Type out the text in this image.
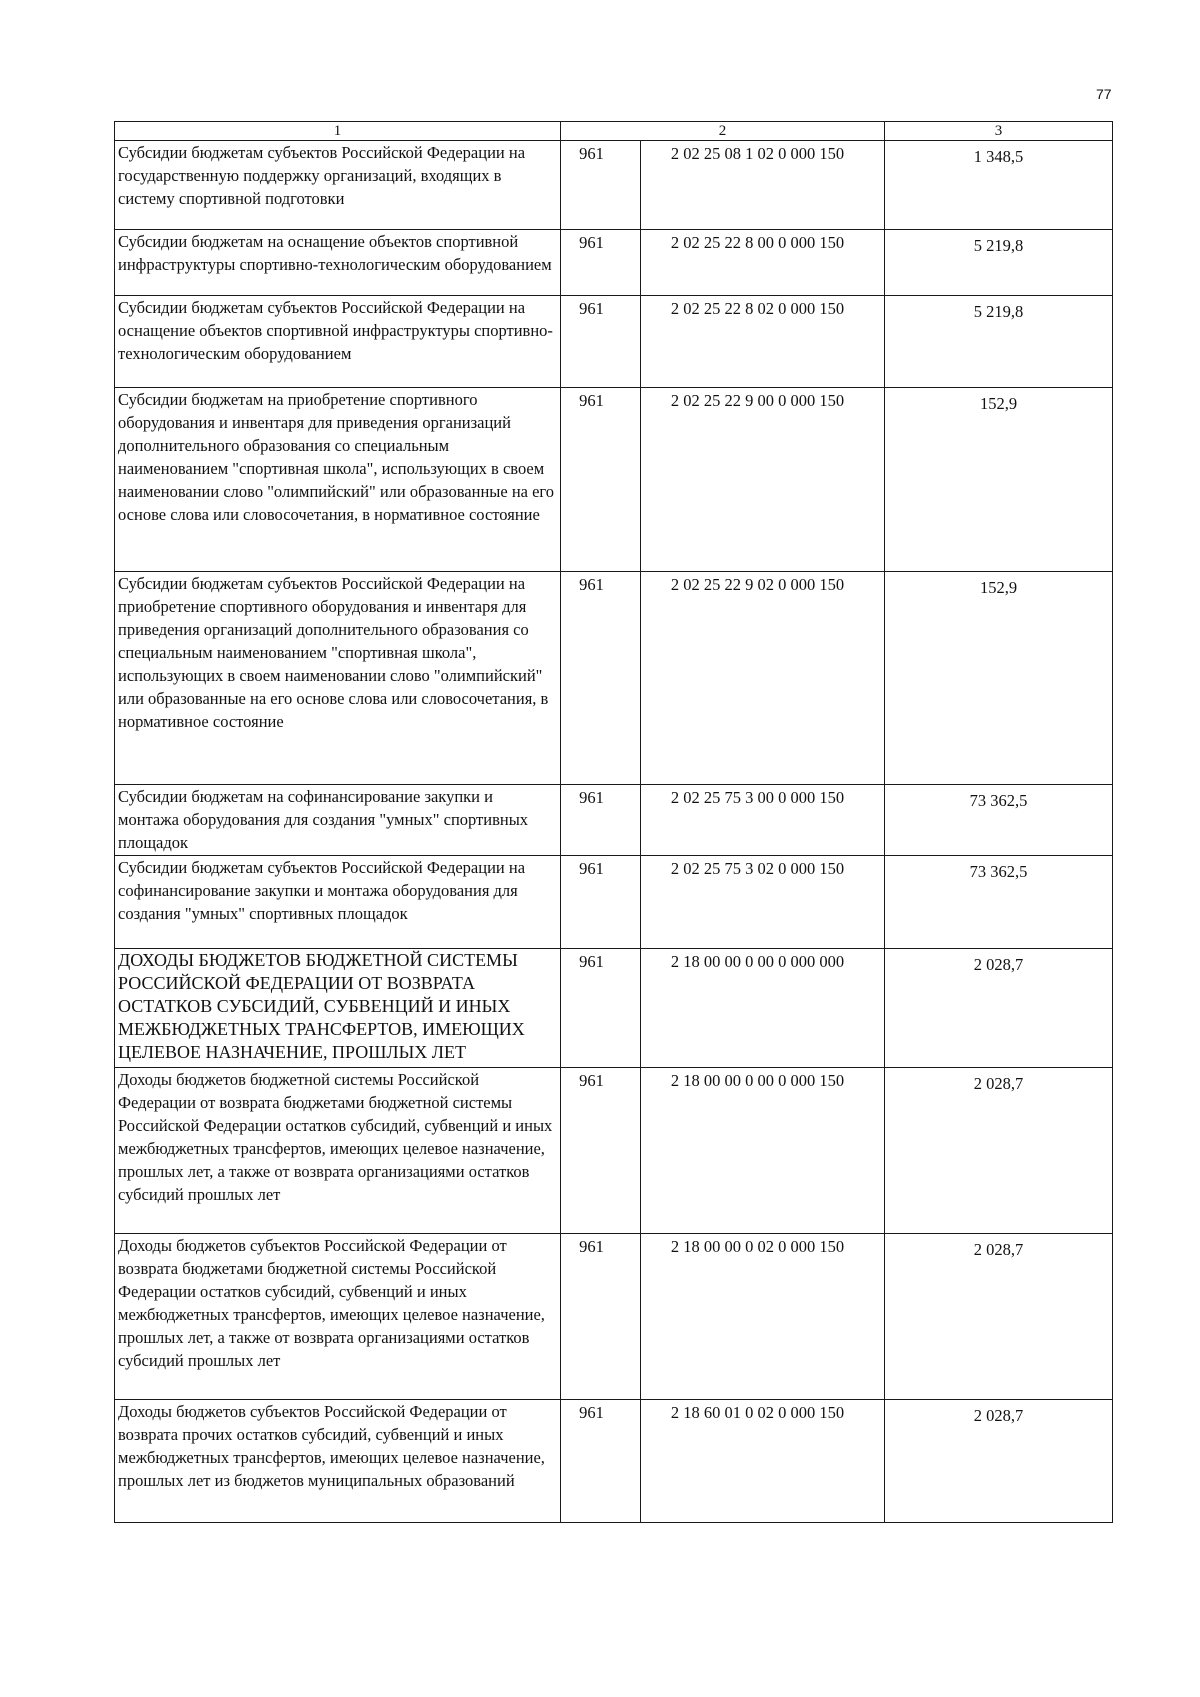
77
1	2		3
Субсидии бюджетам субъектов Российской Федерации на государственную поддержку организаций, входящих в систему спортивной подготовки	961	2 02 25 08 1 02 0 000 150	1 348,5
Субсидии бюджетам на оснащение объектов спортивной инфраструктуры спортивно-технологическим оборудованием	961	2 02 25 22 8 00 0 000 150	5 219,8
Субсидии бюджетам субъектов Российской Федерации на оснащение объектов спортивной инфраструктуры спортивно-технологическим оборудованием	961	2 02 25 22 8 02 0 000 150	5 219,8
Субсидии бюджетам на приобретение спортивного оборудования и инвентаря для приведения организаций дополнительного образования со специальным наименованием "спортивная школа", использующих в своем наименовании слово "олимпийский" или образованные на его основе слова или словосочетания, в нормативное состояние	961	2 02 25 22 9 00 0 000 150	152,9
Субсидии бюджетам субъектов Российской Федерации на приобретение спортивного оборудования и инвентаря для приведения организаций дополнительного образования со специальным наименованием "спортивная школа", использующих в своем наименовании слово "олимпийский" или образованные на его основе слова или словосочетания, в нормативное состояние	961	2 02 25 22 9 02 0 000 150	152,9
Субсидии бюджетам на софинансирование закупки и монтажа оборудования для создания "умных" спортивных площадок	961	2 02 25 75 3 00 0 000 150	73 362,5
Субсидии бюджетам субъектов Российской Федерации на софинансирование закупки и монтажа оборудования для создания "умных" спортивных площадок	961	2 02 25 75 3 02 0 000 150	73 362,5
ДОХОДЫ БЮДЖЕТОВ БЮДЖЕТНОЙ СИСТЕМЫ РОССИЙСКОЙ ФЕДЕРАЦИИ ОТ ВОЗВРАТА ОСТАТКОВ СУБСИДИЙ, СУБВЕНЦИЙ И ИНЫХ МЕЖБЮДЖЕТНЫХ ТРАНСФЕРТОВ, ИМЕЮЩИХ ЦЕЛЕВОЕ НАЗНАЧЕНИЕ, ПРОШЛЫХ ЛЕТ	961	2 18 00 00 0 00 0 000 000	2 028,7
Доходы бюджетов бюджетной системы Российской Федерации от возврата бюджетами бюджетной системы Российской Федерации остатков субсидий, субвенций и иных межбюджетных трансфертов, имеющих целевое назначение, прошлых лет, а также от возврата организациями остатков субсидий прошлых лет	961	2 18 00 00 0 00 0 000 150	2 028,7
Доходы бюджетов субъектов Российской Федерации от возврата бюджетами бюджетной системы Российской Федерации остатков субсидий, субвенций и иных межбюджетных трансфертов, имеющих целевое назначение, прошлых лет, а также от возврата организациями остатков субсидий прошлых лет	961	2 18 00 00 0 02 0 000 150	2 028,7
Доходы бюджетов субъектов Российской Федерации от возврата прочих остатков субсидий, субвенций и иных межбюджетных трансфертов, имеющих целевое назначение, прошлых лет из бюджетов муниципальных образований	961	2 18 60 01 0 02 0 000 150	2 028,7
